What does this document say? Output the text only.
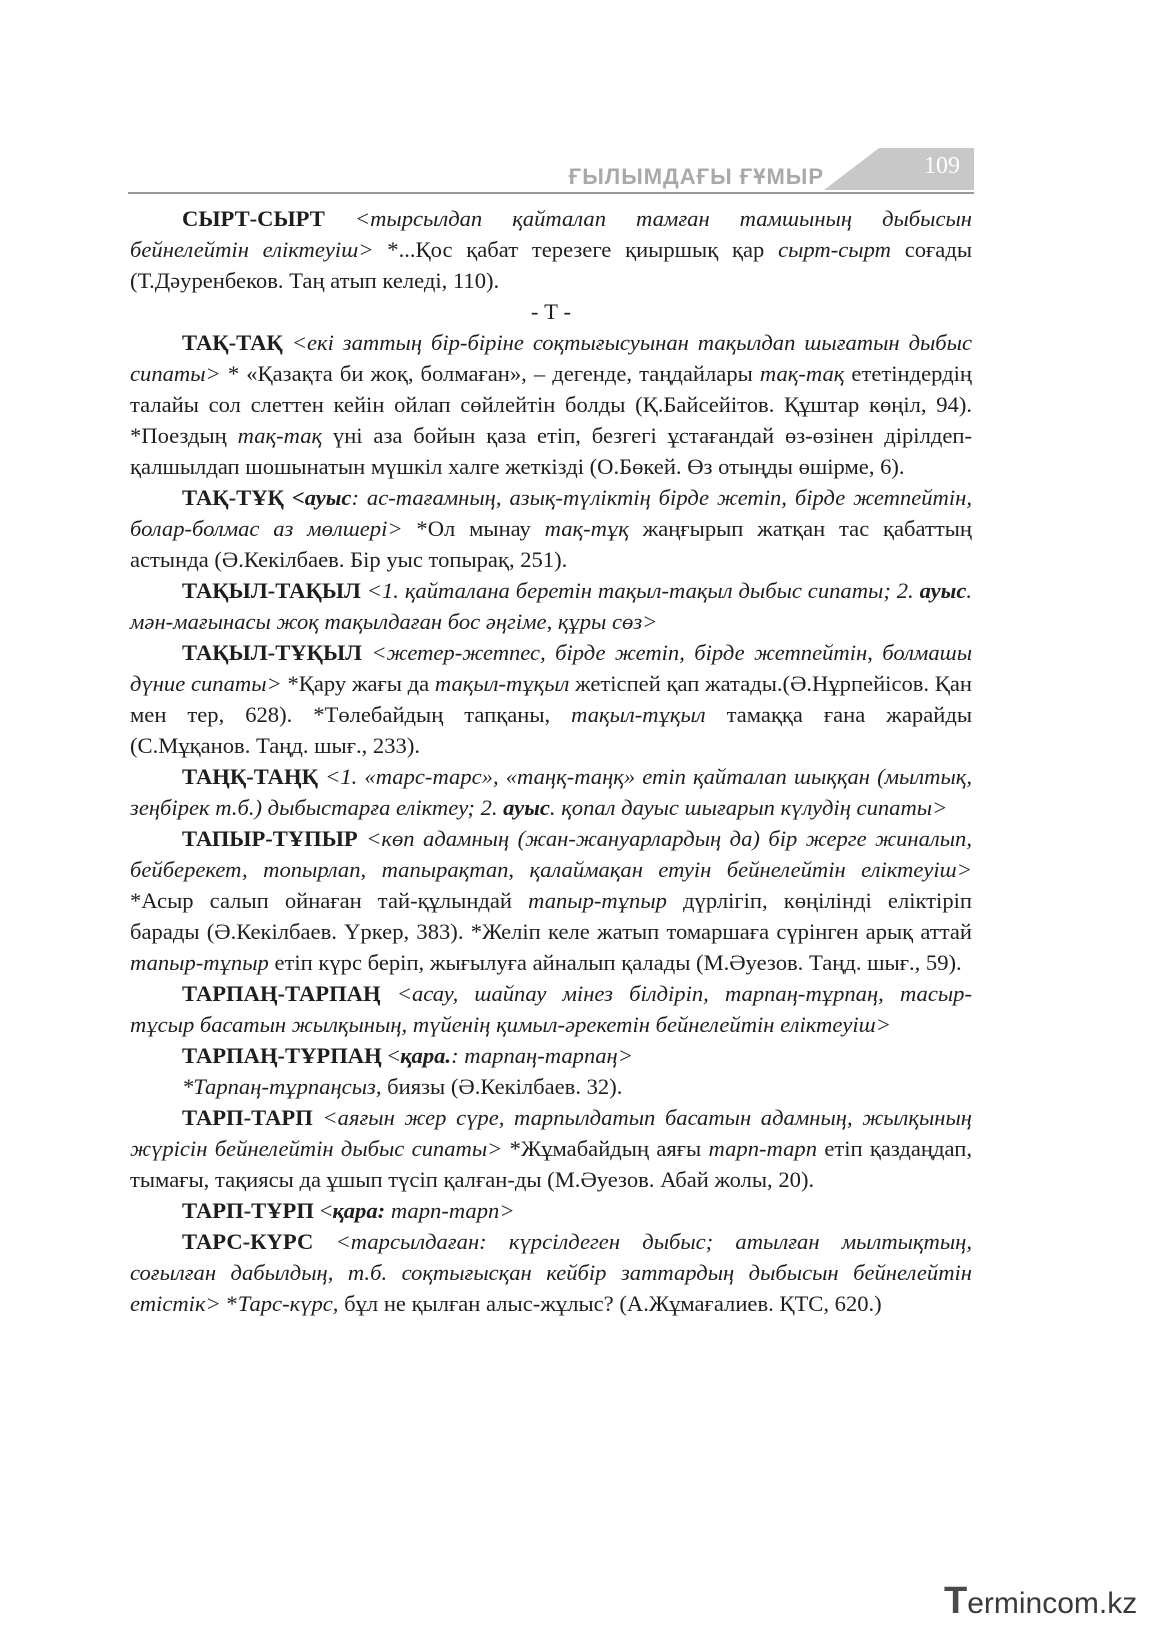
ҒЫЛЫМДАҒЫ ҒҰМЫР	109

СЫРТ-СЫРТ <тырсылдап қайталап тамған тамшының дыбысын бейнелейтін еліктеуіш> *...Қос қабат терезеге қиыршық қар сырт-сырт соғады (Т.Дәуренбеков. Таң атып келеді, 110).

- Т -

ТАҚ-ТАҚ <екі заттың бір-біріне соқтығысуынан тақылдап шығатын дыбыс сипаты> * «Қазақта би жоқ, болмаған», – дегенде, таңдайлары тақ-тақ ететіндердің талайы сол слеттен кейін ойлап сөйлейтін болды (Қ.Байсейітов. Құштар көңіл, 94). *Поездың тақ-тақ үні аза бойын қаза етіп, безгегі ұстағандай өз-өзінен дірілдеп-қалшылдап шошынатын мүшкіл халге жеткізді (О.Бөкей. Өз отыңды өшірме, 6).

ТАҚ-ТҰҚ <ауыс: ас-тағамның, азық-түліктің бірде жетіп, бірде жетпейтін, болар-болмас аз мөлшері> *Ол мынау тақ-тұқ жаңғырып жатқан тас қабаттың астында (Ә.Кекілбаев. Бір уыс топырақ, 251).

ТАҚЫЛ-ТАҚЫЛ <1. қайталана беретін тақыл-тақыл дыбыс сипаты; 2. ауыс. мән-мағынасы жоқ тақылдаған бос әңгіме, құры сөз>

ТАҚЫЛ-ТҰҚЫЛ <жетер-жетпес, бірде жетіп, бірде жетпейтін, болмашы дүние сипаты> *Қару жағы да тақыл-тұқыл жетіспей қап жатады.(Ә.Нұрпейісов. Қан мен тер, 628). *Төлебайдың тапқаны, тақыл-тұқыл тамаққа ғана жарайды (С.Мұқанов. Таңд. шығ., 233).

ТАҢҚ-ТАҢҚ <1. «тарс-тарс», «таңқ-таңқ» етіп қайталап шыққан (мылтық, зеңбірек т.б.) дыбыстарға еліктеу; 2. ауыс. қопал дауыс шығарып күлудің сипаты>

ТАПЫР-ТҰПЫР <көп адамның (жан-жануарлардың да) бір жерге жиналып, бейберекет, топырлап, тапырақтап, қалаймақан етуін бейнелейтін еліктеуіш> *Асыр салып ойнаған тай-құлындай тапыр-тұпыр дүрлігіп, көңілінді еліктіріп барады (Ә.Кекілбаев. Үркер, 383). *Желіп келе жатып томаршаға сүрінген арық аттай тапыр-тұпыр етіп күрс беріп, жығылуға айналып қалады (М.Әуезов. Таңд. шығ., 59).

ТАРПАҢ-ТАРПАҢ <асау, шайпау мінез білдіріп, тарпаң-тұрпаң, тасыр-тұсыр басатын жылқының, түйенің қимыл-әрекетін бейнелейтін еліктеуіш>

ТАРПАҢ-ТҰРПАҢ <қара.: тарпаң-тарпаң>

*Тарпаң-тұрпаңсыз, биязы (Ә.Кекілбаев. 32).

ТАРП-ТАРП <аяғын жер сүре, тарпылдатып басатын адамның, жылқының жүрісін бейнелейтін дыбыс сипаты> *Жұмабайдың аяғы тарп-тарп етіп қаздаңдап, тымағы, тақиясы да ұшып түсіп қалған-ды (М.Әуезов. Абай жолы, 20).

ТАРП-ТҰРП <қара: тарп-тарп>

ТАРС-КҮРС <тарсылдаған: күрсілдеген дыбыс; атылған мылтықтың, соғылған дабылдың, т.б. соқтығысқан кейбір заттардың дыбысын бейнелейтін етістік> *Тарс-күрс, бұл не қылған алыс-жұлыс? (А.Жұмағалиев. ҚТС, 620.)

Termincom.kz
